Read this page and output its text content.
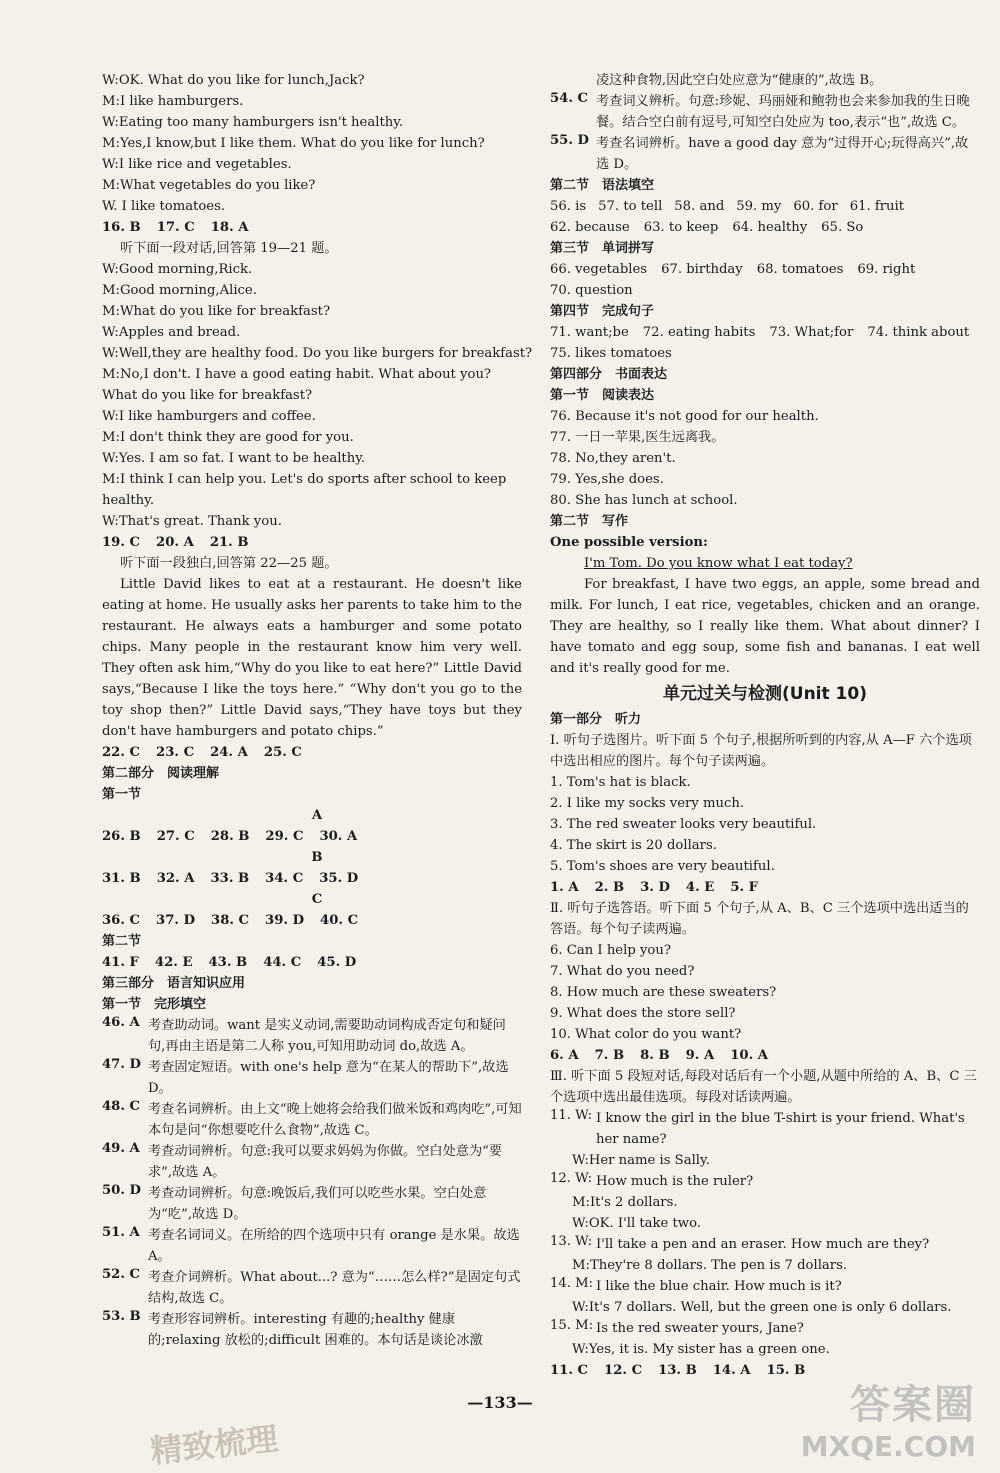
W:OK. What do you like for lunch,Jack?
M:I like hamburgers.
W:Eating too many hamburgers isn't healthy.
M:Yes,I know,but I like them. What do you like for lunch?
W:I like rice and vegetables.
M:What vegetables do you like?
W. I like tomatoes.
16. B 17. C 18. A
听下面一段对话,回答第 19—21 题。
W:Good morning,Rick.
M:Good morning,Alice.
M:What do you like for breakfast?
W:Apples and bread.
W:Well,they are healthy food. Do you like burgers for breakfast?
M:No,I don't. I have a good eating habit. What about you? What do you like for breakfast?
W:I like hamburgers and coffee.
M:I don't think they are good for you.
W:Yes. I am so fat. I want to be healthy.
M:I think I can help you. Let's do sports after school to keep healthy.
W:That's great. Thank you.
19. C 20. A 21. B
听下面一段独白,回答第 22—25 题。
Little David likes to eat at a restaurant. He doesn't like eating at home. He usually asks her parents to take him to the restaurant. He always eats a hamburger and some potato chips. Many people in the restaurant know him very well. They often ask him,“Why do you like to eat here?” Little David says,“Because I like the toys here.” “Why don't you go to the toy shop then?” Little David says,“They have toys but they don't have hamburgers and potato chips.”
22. C 23. C 24. A 25. C
第二部分　阅读理解
第一节
A
26. B 27. C 28. B 29. C 30. A
B
31. B 32. A 33. B 34. C 35. D
C
36. C 37. D 38. C 39. D 40. C
第二节
41. F 42. E 43. B 44. C 45. D
第三部分　语言知识应用
第一节　完形填空
46. A 考查助动词。want 是实义动词,需要助动词构成否定句和疑问句,再由主语是第二人称 you,可知用助动词 do,故选 A。
47. D 考查固定短语。with one's help 意为“在某人的帮助下”,故选 D。
48. C 考查名词辨析。由上文“晚上她将会给我们做米饭和鸡肉吃”,可知本句是问“你想要吃什么食物”,故选 C。
49. A 考查动词辨析。句意:我可以要求妈妈为你做。空白处意为“要求”,故选 A。
50. D 考查动词辨析。句意:晚饭后,我们可以吃些水果。空白处意为“吃”,故选 D。
51. A 考查名词词义。在所给的四个选项中只有 orange 是水果。故选 A。
52. C 考查介词辨析。What about...? 意为“……怎么样?”是固定句式结构,故选 C。
53. B 考查形容词辨析。interesting 有趣的;healthy 健康的;relaxing 放松的;difficult 困难的。本句话是谈论冰激
凌这种食物,因此空白处应意为“健康的”,故选 B。
54. C 考查词义辨析。句意:珍妮、玛丽娅和鲍勃也会来参加我的生日晚餐。结合空白前有逗号,可知空白处应为 too,表示“也”,故选 C。
55. D 考查名词辨析。have a good day 意为“过得开心;玩得高兴”,故选 D。
第二节　语法填空
56. is 57. to tell 58. and 59. my 60. for 61. fruit
62. because 63. to keep 64. healthy 65. So
第三节　单词拼写
66. vegetables 67. birthday 68. tomatoes 69. right
70. question
第四节　完成句子
71. want;be 72. eating habits 73. What;for 74. think about
75. likes tomatoes
第四部分　书面表达
第一节　阅读表达
76. Because it's not good for our health.
77. 一日一苹果,医生远离我。
78. No,they aren't.
79. Yes,she does.
80. She has lunch at school.
第二节　写作
One possible version:
I'm Tom. Do you know what I eat today?
For breakfast, I have two eggs, an apple, some bread and milk. For lunch, I eat rice, vegetables, chicken and an orange. They are healthy, so I really like them. What about dinner? I have tomato and egg soup, some fish and bananas. I eat well and it's really good for me.
单元过关与检测(Unit 10)
第一部分　听力
Ⅰ. 听句子选图片。听下面 5 个句子,根据所听到的内容,从 A—F 六个选项中选出相应的图片。每个句子读两遍。
1. Tom's hat is black.
2. I like my socks very much.
3. The red sweater looks very beautiful.
4. The skirt is 20 dollars.
5. Tom's shoes are very beautiful.
1. A 2. B 3. D 4. E 5. F
Ⅱ. 听句子选答语。听下面 5 个句子,从 A、B、C 三个选项中选出适当的答语。每个句子读两遍。
6. Can I help you?
7. What do you need?
8. How much are these sweaters?
9. What does the store sell?
10. What color do you want?
6. A 7. B 8. B 9. A 10. A
Ⅲ. 听下面 5 段短对话,每段对话后有一个小题,从题中所给的 A、B、C 三个选项中选出最佳选项。每段对话读两遍。
11. W: I know the girl in the blue T-shirt is your friend. What's her name?
W:Her name is Sally.
12. W: How much is the ruler?
M:It's 2 dollars.
W:OK. I'll take two.
13. W: I'll take a pen and an eraser. How much are they?
M:They're 8 dollars. The pen is 7 dollars.
14. M: I like the blue chair. How much is it?
W:It's 7 dollars. Well, but the green one is only 6 dollars.
15. M: Is the red sweater yours, Jane?
W:Yes, it is. My sister has a green one.
11. C 12. C 13. B 14. A 15. B
—133—
精致梳理
答案圈
MXQE.COM
